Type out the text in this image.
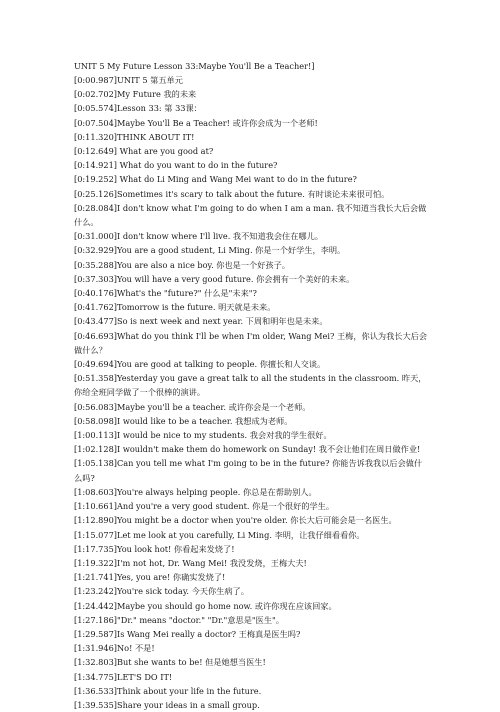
UNIT 5 My Future Lesson 33:Maybe You'll Be a Teacher!]
[0:00.987]UNIT 5 第五单元
[0:02.702]My Future 我的未来
[0:05.574]Lesson 33: 第 33课：
[0:07.504]Maybe You'll Be a Teacher! 或许你会成为一个老师!
[0:11.320]THINK ABOUT IT!
[0:12.649] What are you good at?
[0:14.921] What do you want to do in the future?
[0:19.252] What do Li Ming and Wang Mei want to do in the future?
[0:25.126]Sometimes it's scary to talk about the future. 有时谈论未来很可怕。
[0:28.084]I don't know what I'm going to do when I am a man. 我不知道当我长大后会做什么。
[0:31.000]I don't know where I'll live. 我不知道我会住在哪儿。
[0:32.929]You are a good student, Li Ming. 你是一个好学生，李明。
[0:35.288]You are also a nice boy. 你也是一个好孩子。
[0:37.303]You will have a very good future. 你会拥有一个美好的未来。
[0:40.176]What's the "future?" 什么是"未来"?
[0:41.762]Tomorrow is the future. 明天就是未来。
[0:43.477]So is next week and next year. 下周和明年也是未来。
[0:46.693]What do you think I'll be when I'm older, Wang Mei? 王梅，你认为我长大后会做什么？
[0:49.694]You are good at talking to people. 你擅长和人交谈。
[0:51.358]Yesterday you gave a great talk to all the students in the classroom. 昨天，你给全班同学做了一个很棒的演讲。
[0:56.083]Maybe you'll be a teacher. 或许你会是一个老师。
[0:58.098]I would like to be a teacher. 我想成为老师。
[1:00.113]I would be nice to my students. 我会对我的学生很好。
[1:02.128]I wouldn't make them do homework on Sunday! 我不会让他们在周日做作业!
[1:05.138]Can you tell me what I'm going to be in the future? 你能告诉我我以后会做什么吗?
[1:08.603]You're always helping people. 你总是在帮助别人。
[1:10.661]And you're a very good student. 你是一个很好的学生。
[1:12.890]You might be a doctor when you're older. 你长大后可能会是一名医生。
[1:15.077]Let me look at you carefully, Li Ming. 李明，让我仔细看看你。
[1:17.735]You look hot! 你看起来发烧了!
[1:19.322]I'm not hot, Dr. Wang Mei! 我没发烧，王梅大夫!
[1:21.741]Yes, you are! 你确实发烧了!
[1:23.242]You're sick today. 今天你生病了。
[1:24.442]Maybe you should go home now. 或许你现在应该回家。
[1:27.186]"Dr." means "doctor." "Dr."意思是"医生"。
[1:29.587]Is Wang Mei really a doctor? 王梅真是医生吗?
[1:31.946]No! 不是!
[1:32.803]But she wants to be! 但是她想当医生!
[1:34.775]LET'S DO IT!
[1:36.533]Think about your life in the future.
[1:39.535]Share your ideas in a small group.
